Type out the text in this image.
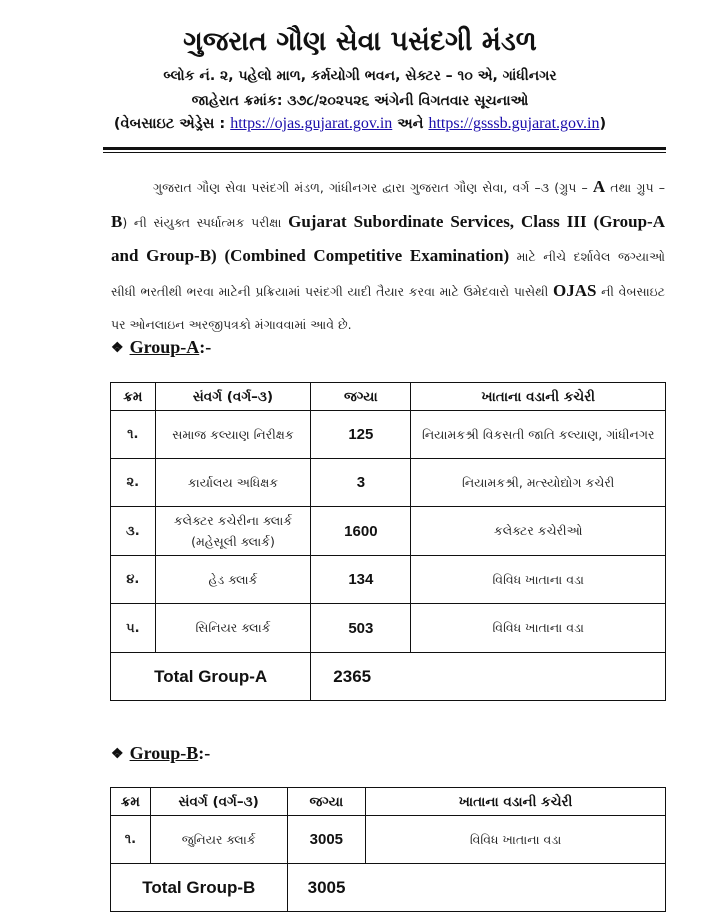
ગુજરાત ગૌણ સેવા પસંદગી મંડળ
બ્લોક નં. ૨, પહેલો માળ, કર્મયોગી ભવન, સેક્ટર – ૧૦ એ, ગાંધીનગર
જાહેરાત ક્રમાંક: ૩૭૮/૨૦૨૫૨૬ અંગેની વિગતવાર સૂચનાઓ
(વેબસાઇટ એડ્રેસ : https://ojas.gujarat.gov.in અને https://gsssb.gujarat.gov.in)
ગુજરાત ગૌણ સેવા પસંદગી મંડળ, ગાંધીનગર દ્વારા ગુજરાત ગૌણ સેવા, વર્ગ –૩ (ગ્રુપ – A તથા ગ્રુપ – B) ની સંયુક્ત સ્પર્ધાત્મક પરીક્ષા Gujarat Subordinate Services, Class III (Group-A and Group-B) (Combined Competitive Examination) માટે નીચે દર્શાવેલ જગ્યાઓ સીધી ભરતીથી ભરવા માટેની પ્રક્રિયામાં પસંદગી યાદી તૈયાર કરવા માટે ઉમેદવારો પાસેથી OJAS ની વેબસાઇટ પર ઓનલાઇન અરજીપત્રકો મંગાવવામાં આવે છે.
❖ Group-A:-
ક્રમ	સંવર્ગ (વર્ગ–૩)	જગ્યા	ખાતાના વડાની કચેરી
૧.	સમાજ કલ્યાણ નિરીક્ષક	125	નિયામકશ્રી વિકસતી જાતિ કલ્યાણ, ગાંધીનગર
૨.	કાર્યાલય અધિક્ષક	3	નિયામકશ્રી, મત્સ્યોદ્યોગ કચેરી
૩.	કલેક્ટર કચેરીના ક્લાર્ક
(મહેસૂલી ક્લાર્ક)	1600	કલેક્ટર કચેરીઓ
૪.	હેડ ક્લાર્ક	134	વિવિધ ખાતાના વડા
૫.	સિનિયર ક્લાર્ક	503	વિવિધ ખાતાના વડા
Total Group-A		2365	
❖ Group-B:-
ક્રમ	સંવર્ગ (વર્ગ–૩)	જગ્યા	ખાતાના વડાની કચેરી
૧.	જુનિયર ક્લાર્ક	3005	વિવિધ ખાતાના વડા
Total Group-B		3005	
